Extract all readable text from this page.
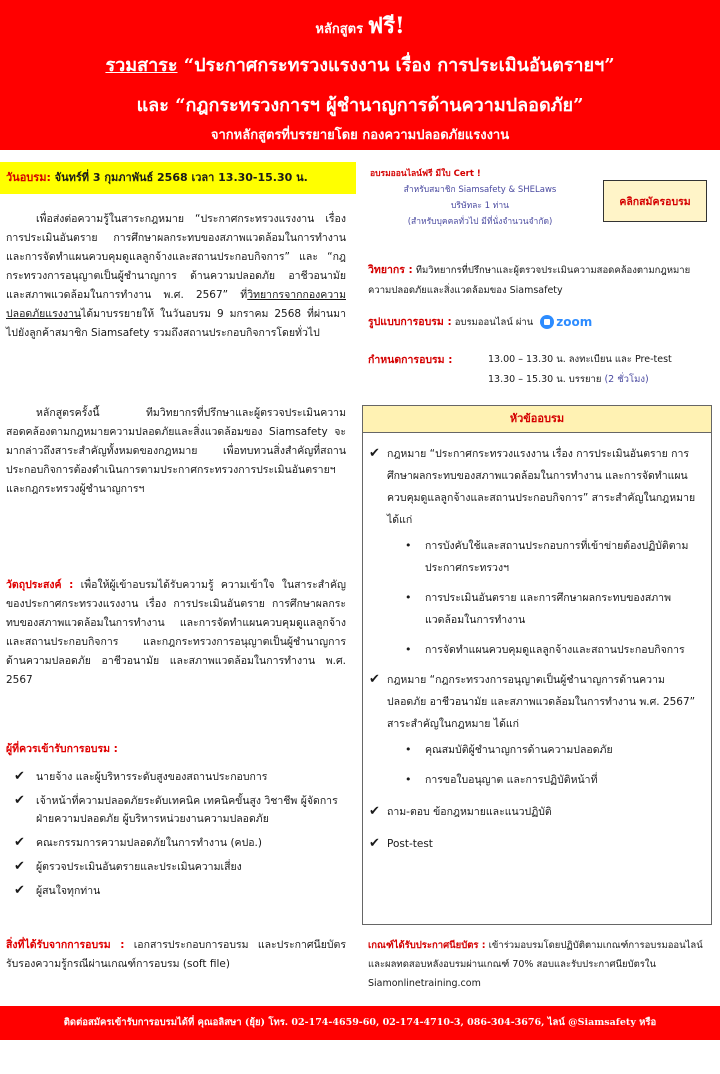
หลักสูตร ฟรี!
รวมสาระ “ประกาศกระทรวงแรงงาน เรื่อง การประเมินอันตรายฯ”
และ “กฎกระทรวงการฯ ผู้ชำนาญการด้านความปลอดภัย”
จากหลักสูตรที่บรรยายโดย กองความปลอดภัยแรงงาน
วันอบรม: จันทร์ที่ 3 กุมภาพันธ์ 2568 เวลา 13.30-15.30 น.
เพื่อส่งต่อความรู้ในสาระกฎหมาย “ประกาศกระทรวงแรงงาน เรื่อง การประเมินอันตราย การศึกษาผลกระทบของสภาพแวดล้อมในการทำงาน และการจัดทำแผนควบคุมดูแลลูกจ้างและสถานประกอบกิจการ” และ “กฎกระทรวงการอนุญาตเป็นผู้ชำนาญการ ด้านความปลอดภัย อาชีวอนามัย และสภาพแวดล้อมในการทำงาน พ.ศ. 2567” ที่วิทยากรจากกองความปลอดภัยแรงงานได้มาบรรยายให้ ในวันอบรม 9 มกราคม 2568 ที่ผ่านมา ไปยังลูกค้าสมาชิก Siamsafety รวมถึงสถานประกอบกิจการโดยทั่วไป
หลักสูตรครั้งนี้ ทีมวิทยากรที่ปรึกษาและผู้ตรวจประเมินความสอดคล้องตามกฎหมายความปลอดภัยและสิ่งแวดล้อมของ Siamsafety จะมากล่าวถึงสาระสำคัญทั้งหมดของกฎหมาย เพื่อทบทวนสิ่งสำคัญที่สถานประกอบกิจการต้องดำเนินการตามประกาศกระทรวงการประเมินอันตรายฯ และกฎกระทรวงผู้ชำนาญการฯ
วัตถุประสงค์ : เพื่อให้ผู้เข้าอบรมได้รับความรู้ ความเข้าใจ ในสาระสำคัญของประกาศกระทรวงแรงงาน เรื่อง การประเมินอันตราย การศึกษาผลกระทบของสภาพแวดล้อมในการทำงาน และการจัดทำแผนควบคุมดูแลลูกจ้างและสถานประกอบกิจการ และกฎกระทรวงการอนุญาตเป็นผู้ชำนาญการ ด้านความปลอดภัย อาชีวอนามัย และสภาพแวดล้อมในการทำงาน พ.ศ. 2567
ผู้ที่ควรเข้ารับการอบรม :
✔ นายจ้าง และผู้บริหารระดับสูงของสถานประกอบการ
✔ เจ้าหน้าที่ความปลอดภัยระดับเทคนิค เทคนิคขั้นสูง วิชาชีพ ผู้จัดการฝ่ายความปลอดภัย ผู้บริหารหน่วยงานความปลอดภัย
✔ คณะกรรมการความปลอดภัยในการทำงาน (คปอ.)
✔ ผู้ตรวจประเมินอันตรายและประเมินความเสี่ยง
✔ ผู้สนใจทุกท่าน
สิ่งที่ได้รับจากการอบรม : เอกสารประกอบการอบรม และประกาศนียบัตรรับรองความรู้กรณีผ่านเกณฑ์การอบรม (soft file)
อบรมออนไลน์ฟรี มีใบ Cert !
สำหรับสมาชิก Siamsafety & SHELaws
บริษัทละ 1 ท่าน
(สำหรับบุคคลทั่วไป มีที่นั่งจำนวนจำกัด)
คลิกสมัครอบรม
วิทยากร : ทีมวิทยากรที่ปรึกษาและผู้ตรวจประเมินความสอดคล้องตามกฎหมายความปลอดภัยและสิ่งแวดล้อมของ Siamsafety
รูปแบบการอบรม : อบรมออนไลน์ ผ่าน zoom
กำหนดการอบรม :	13.00 – 13.30 น. ลงทะเบียน และ Pre-test
13.30 – 15.30 น. บรรยาย (2 ชั่วโมง)
หัวข้ออบรม
✔ กฎหมาย “ประกาศกระทรวงแรงงาน เรื่อง การประเมินอันตราย การศึกษาผลกระทบของสภาพแวดล้อมในการทำงาน และการจัดทำแผนควบคุมดูแลลูกจ้างและสถานประกอบกิจการ” สาระสำคัญในกฎหมาย ได้แก่
• การบังคับใช้และสถานประกอบการที่เข้าข่ายต้องปฏิบัติตามประกาศกระทรวงฯ
• การประเมินอันตราย และการศึกษาผลกระทบของสภาพแวดล้อมในการทำงาน
• การจัดทำแผนควบคุมดูแลลูกจ้างและสถานประกอบกิจการ
✔ กฎหมาย “กฎกระทรวงการอนุญาตเป็นผู้ชำนาญการด้านความปลอดภัย อาชีวอนามัย และสภาพแวดล้อมในการทำงาน พ.ศ. 2567” สาระสำคัญในกฎหมาย ได้แก่
• คุณสมบัติผู้ชำนาญการด้านความปลอดภัย
• การขอใบอนุญาต และการปฏิบัติหน้าที่
✔ ถาม-ตอบ ข้อกฎหมายและแนวปฏิบัติ
✔ Post-test
เกณฑ์ได้รับประกาศนียบัตร : เข้าร่วมอบรมโดยปฏิบัติตามเกณฑ์การอบรมออนไลน์และผลทดสอบหลังอบรมผ่านเกณฑ์ 70% สอบและรับประกาศนียบัตรใน Siamonlinetraining.com
ติดต่อสมัครเข้ารับการอบรมได้ที่ คุณอลิสษา (ยุ้ย) โทร. 02-174-4659-60, 02-174-4710-3, 086-304-3676, ไลน์ @Siamsafety หรือ myadmin@siamsafety.com
